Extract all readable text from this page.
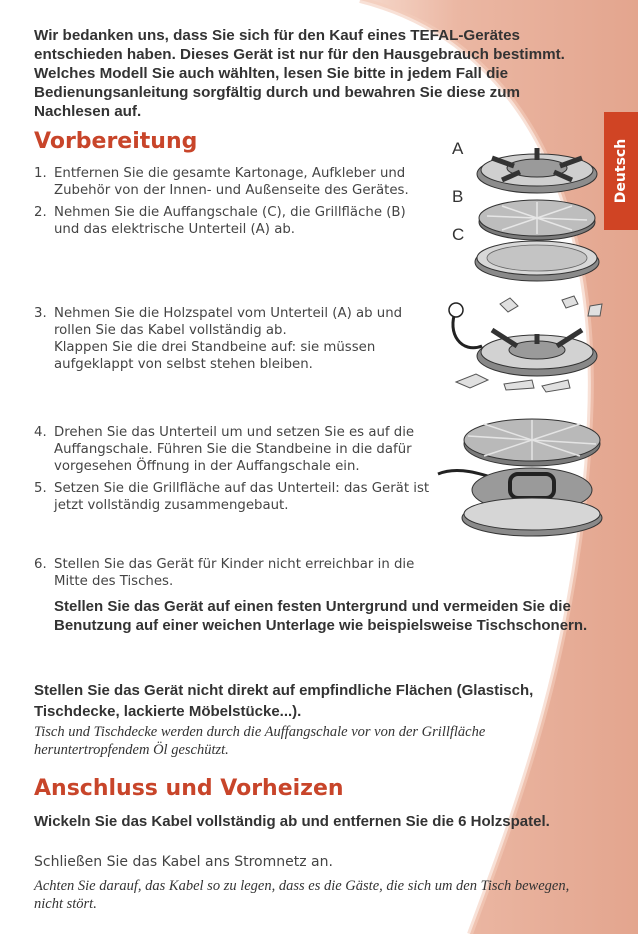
Deutsch
Wir bedanken uns, dass Sie sich für den Kauf eines TEFAL-Gerätes entschieden haben. Dieses Gerät ist nur für den Hausgebrauch bestimmt. Welches Modell Sie auch wählten, lesen Sie bitte in jedem Fall die Bedienungsanleitung sorgfältig durch und bewahren Sie diese zum Nachlesen auf.
Vorbereitung
1. Entfernen Sie die gesamte Kartonage, Aufkleber und Zubehör von der Innen- und Außenseite des Gerätes.
2. Nehmen Sie die Auffangschale (C), die Grillfläche (B) und das elektrische Unterteil (A) ab.
3. Nehmen Sie die Holzspatel vom Unterteil (A) ab und rollen Sie das Kabel vollständig ab.
Klappen Sie die drei Standbeine auf: sie müssen aufgeklappt von selbst stehen bleiben.
4. Drehen Sie das Unterteil um und setzen Sie es auf die Auffangschale. Führen Sie die Standbeine in die dafür vorgesehen Öffnung in der Auffangschale ein.
5. Setzen Sie die Grillfläche auf das Unterteil: das Gerät ist jetzt vollständig zusammengebaut.
6. Stellen Sie das Gerät für Kinder nicht erreichbar in die Mitte des Tisches.
Stellen Sie das Gerät auf einen festen Untergrund und vermeiden Sie die Benutzung auf einer weichen Unterlage wie beispielsweise Tischschonern.
Stellen Sie das Gerät nicht direkt auf empfindliche Flächen (Glastisch, Tischdecke, lackierte Möbelstücke...).
Tisch und Tischdecke werden durch die Auffangschale vor von der Grillfläche heruntertropfendem Öl geschützt.
Anschluss und Vorheizen
Wickeln Sie das Kabel vollständig ab und entfernen Sie die 6 Holzspatel.
Schließen Sie das Kabel ans Stromnetz an.
Achten Sie darauf, das Kabel so zu legen, dass es die Gäste, die sich um den Tisch bewegen, nicht stört.
A
B
C
